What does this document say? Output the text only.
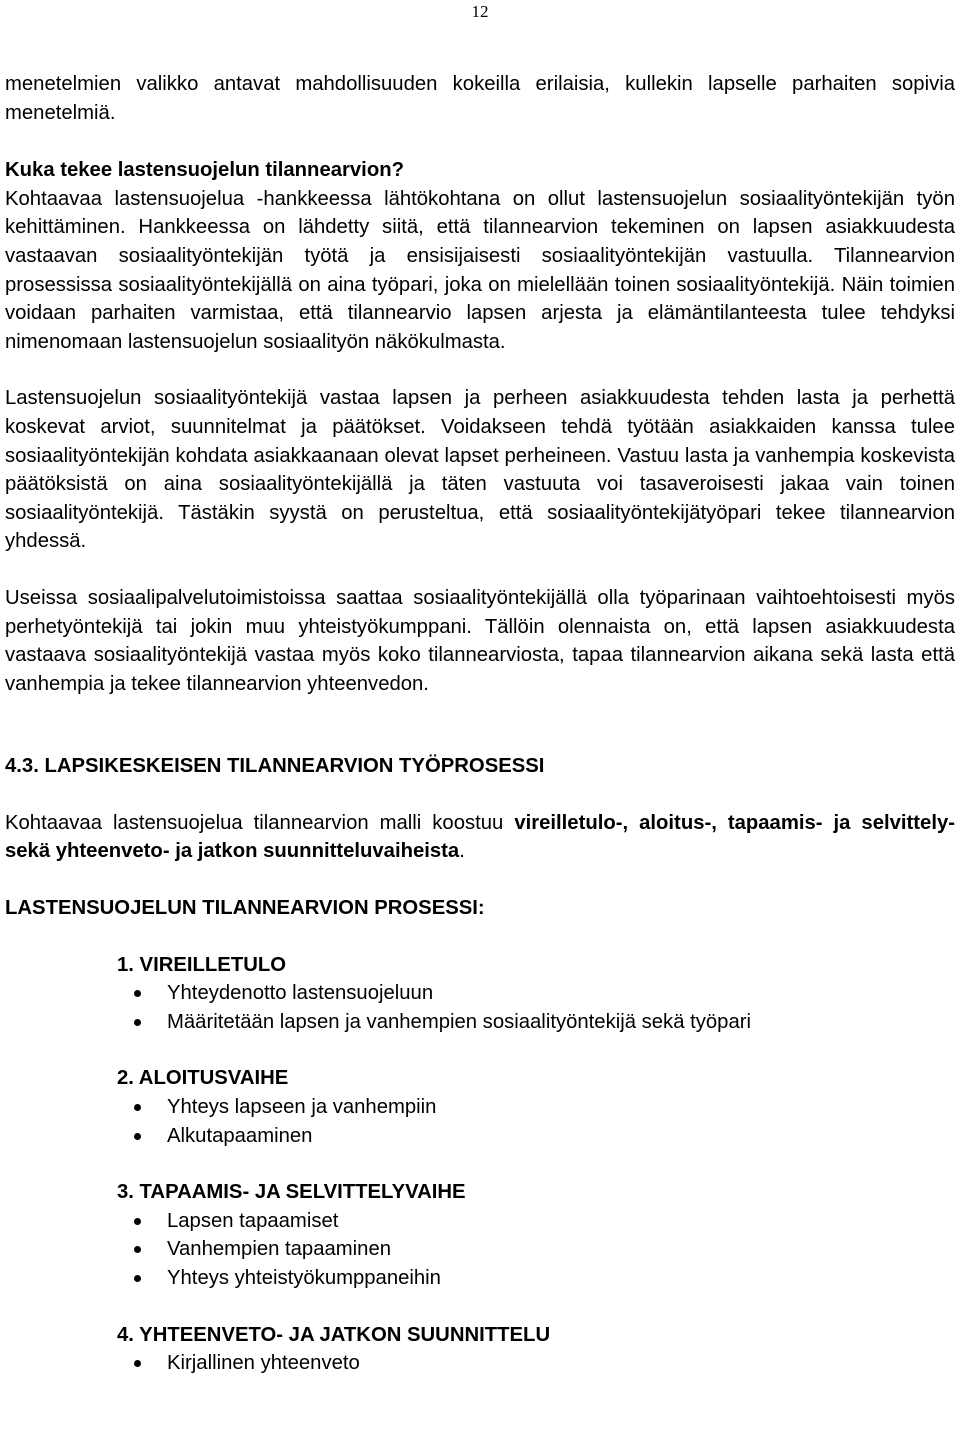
12

menetelmien valikko antavat mahdollisuuden kokeilla erilaisia, kullekin lapselle parhaiten sopivia menetelmiä.

Kuka tekee lastensuojelun tilannearvion?

Kohtaavaa lastensuojelua -hankkeessa lähtökohtana on ollut lastensuojelun sosiaalityöntekijän työn kehittäminen. Hankkeessa on lähdetty siitä, että tilannearvion tekeminen on lapsen asiakkuudesta vastaavan sosiaalityöntekijän työtä ja ensisijaisesti sosiaalityöntekijän vastuulla. Tilannearvion prosessissa sosiaalityöntekijällä on aina työpari, joka on mielellään toinen sosiaalityöntekijä. Näin toimien voidaan parhaiten varmistaa, että tilannearvio lapsen arjesta ja elämäntilanteesta tulee tehdyksi nimenomaan lastensuojelun sosiaalityön näkökulmasta.

Lastensuojelun sosiaalityöntekijä vastaa lapsen ja perheen asiakkuudesta tehden lasta ja perhettä koskevat arviot, suunnitelmat ja päätökset. Voidakseen tehdä työtään asiakkaiden kanssa tulee sosiaalityöntekijän kohdata asiakkaanaan olevat lapset perheineen. Vastuu lasta ja vanhempia koskevista päätöksistä on aina sosiaalityöntekijällä ja täten vastuuta voi tasaveroisesti jakaa vain toinen sosiaalityöntekijä. Tästäkin syystä on perusteltua, että sosiaalityöntekijätyöpari tekee tilannearvion yhdessä.

Useissa sosiaalipalvelutoimistoissa saattaa sosiaalityöntekijällä olla työparinaan vaihtoehtoisesti myös perhetyöntekijä tai jokin muu yhteistyökumppani. Tällöin olennaista on, että lapsen asiakkuudesta vastaava sosiaalityöntekijä vastaa myös koko tilannearviosta, tapaa tilannearvion aikana sekä lasta että vanhempia ja tekee tilannearvion yhteenvedon.

4.3. LAPSIKESKEISEN TILANNEARVION TYÖPROSESSI

Kohtaavaa lastensuojelua tilannearvion malli koostuu vireilletulo-, aloitus-, tapaamis- ja selvittely- sekä yhteenveto- ja jatkon suunnitteluvaiheista.

LASTENSUOJELUN TILANNEARVION PROSESSI:

1. VIREILLETULO

Yhteydenotto lastensuojeluun
Määritetään lapsen ja vanhempien sosiaalityöntekijä sekä työpari

2. ALOITUSVAIHE

Yhteys lapseen ja vanhempiin
Alkutapaaminen

3. TAPAAMIS- JA SELVITTELYVAIHE

Lapsen tapaamiset
Vanhempien tapaaminen
Yhteys yhteistyökumppaneihin

4. YHTEENVETO- JA JATKON SUUNNITTELU

Kirjallinen yhteenveto
